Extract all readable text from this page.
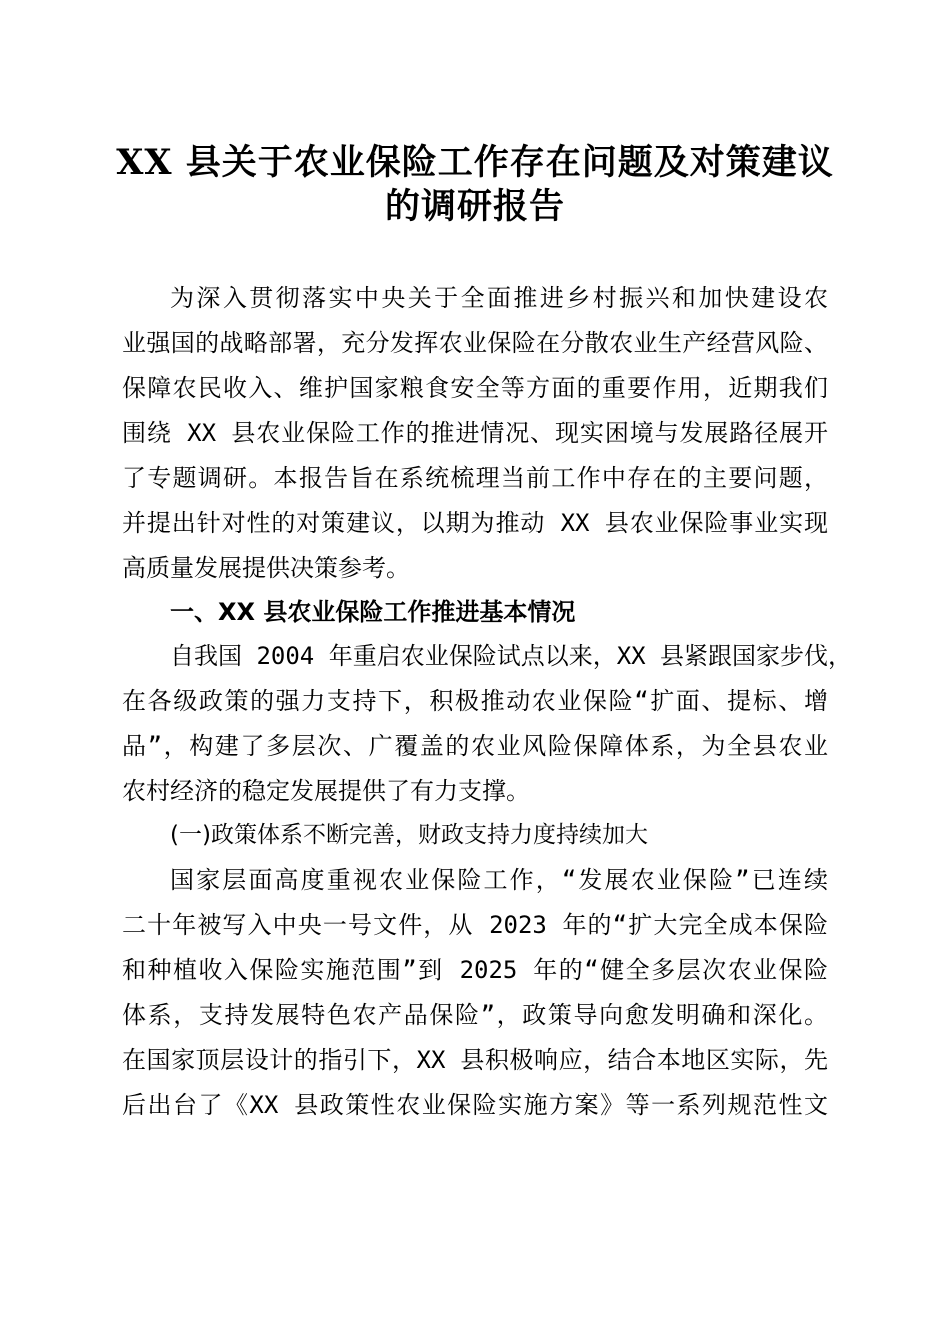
XX 县关于农业保险工作存在问题及对策建议
的调研报告
为深入贯彻落实中央关于全面推进乡村振兴和加快建设农
业强国的战略部署，充分发挥农业保险在分散农业生产经营风险、
保障农民收入、维护国家粮食安全等方面的重要作用，近期我们
围绕 XX 县农业保险工作的推进情况、现实困境与发展路径展开
了专题调研。本报告旨在系统梳理当前工作中存在的主要问题，
并提出针对性的对策建议，以期为推动 XX 县农业保险事业实现
高质量发展提供决策参考。
一、XX 县农业保险工作推进基本情况
自我国 2004 年重启农业保险试点以来，XX 县紧跟国家步伐，
在各级政策的强力支持下，积极推动农业保险“扩面、提标、增
品”，构建了多层次、广覆盖的农业风险保障体系，为全县农业
农村经济的稳定发展提供了有力支撑。
(一)政策体系不断完善，财政支持力度持续加大
国家层面高度重视农业保险工作，“发展农业保险”已连续
二十年被写入中央一号文件，从 2023 年的“扩大完全成本保险
和种植收入保险实施范围”到 2025 年的“健全多层次农业保险
体系，支持发展特色农产品保险”，政策导向愈发明确和深化。
在国家顶层设计的指引下，XX 县积极响应，结合本地区实际，先
后出台了《XX 县政策性农业保险实施方案》等一系列规范性文
